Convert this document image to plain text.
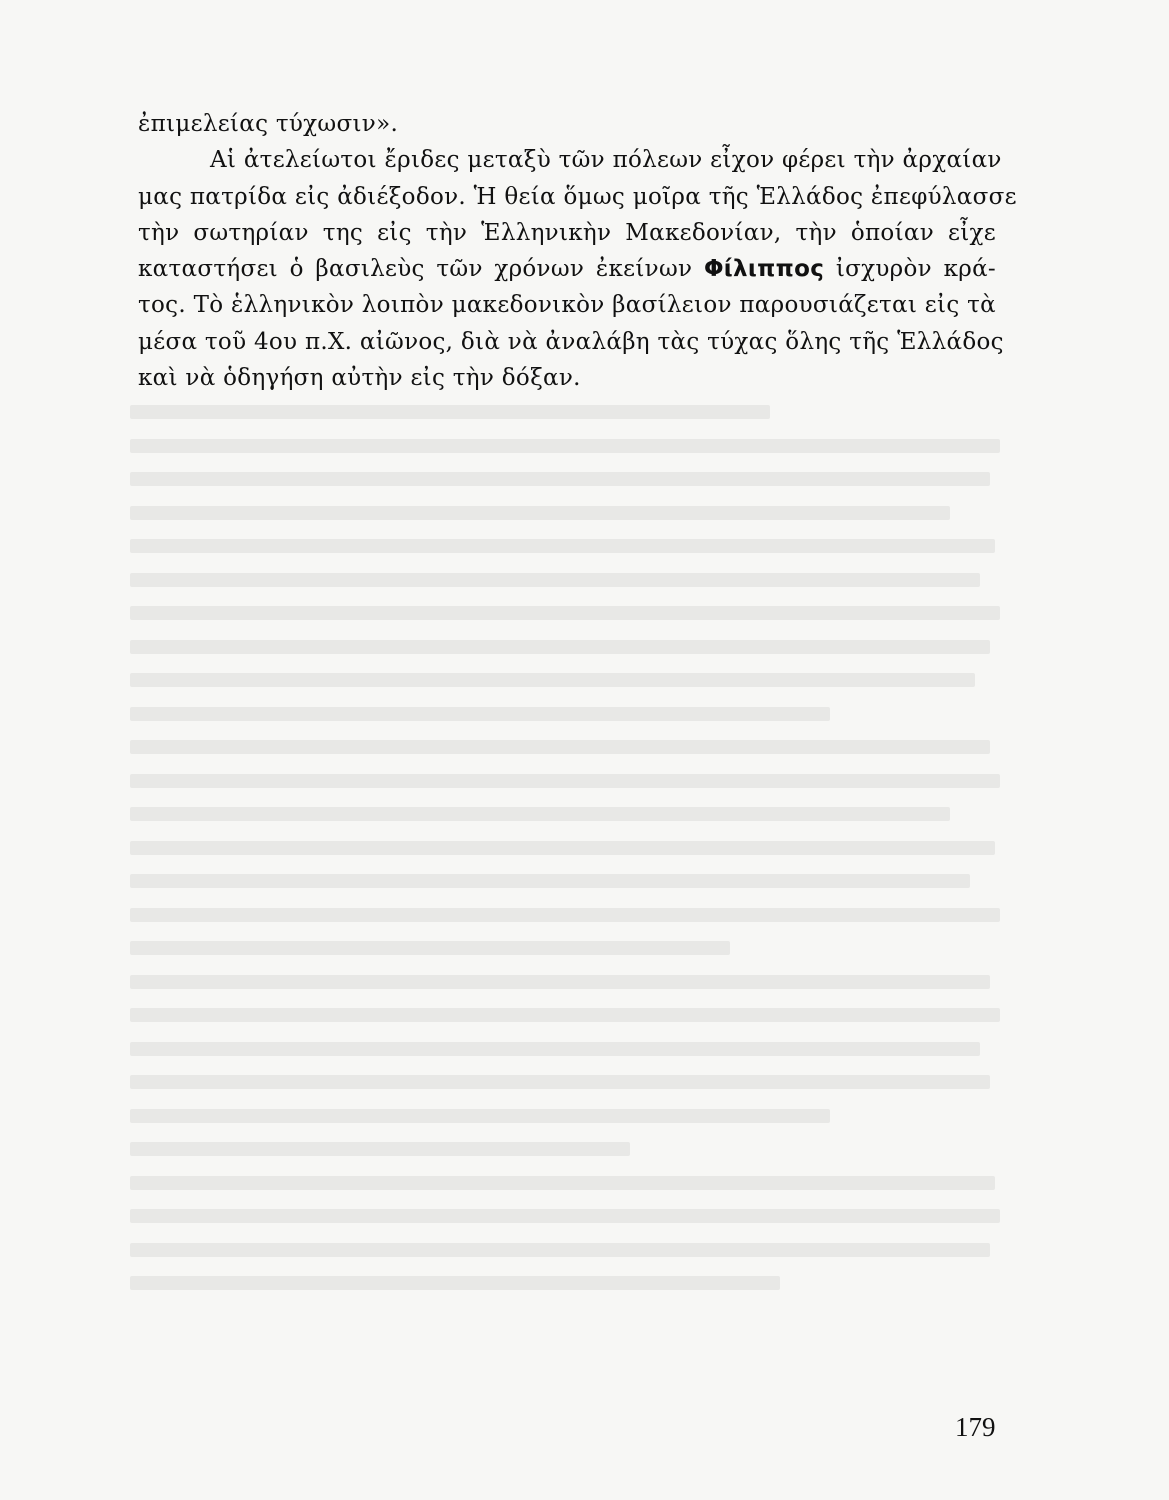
ἐπιμελείας τύχωσιν».
Αἱ ἀτελείωτοι ἔριδες μεταξὺ τῶν πόλεων εἶχον φέρει τὴν ἀρχαίαν
μας πατρίδα εἰς ἀδιέξοδον. Ἡ θεία ὅμως μοῖρα τῆς Ἑλλάδος ἐπεφύλασσε
τὴν σωτηρίαν της εἰς τὴν Ἑλληνικὴν Μακεδονίαν, τὴν ὁποίαν εἶχε
καταστήσει ὁ βασιλεὺς τῶν χρόνων ἐκείνων Φίλιππος ἰσχυρὸν κρά-
τος. Τὸ ἑλληνικὸν λοιπὸν μακεδονικὸν βασίλειον παρουσιάζεται εἰς τὰ
μέσα τοῦ 4ου π.Χ. αἰῶνος, διὰ νὰ ἀναλάβη τὰς τύχας ὅλης τῆς Ἑλλάδος
καὶ νὰ ὁδηγήση αὐτὴν εἰς τὴν δόξαν.
179
